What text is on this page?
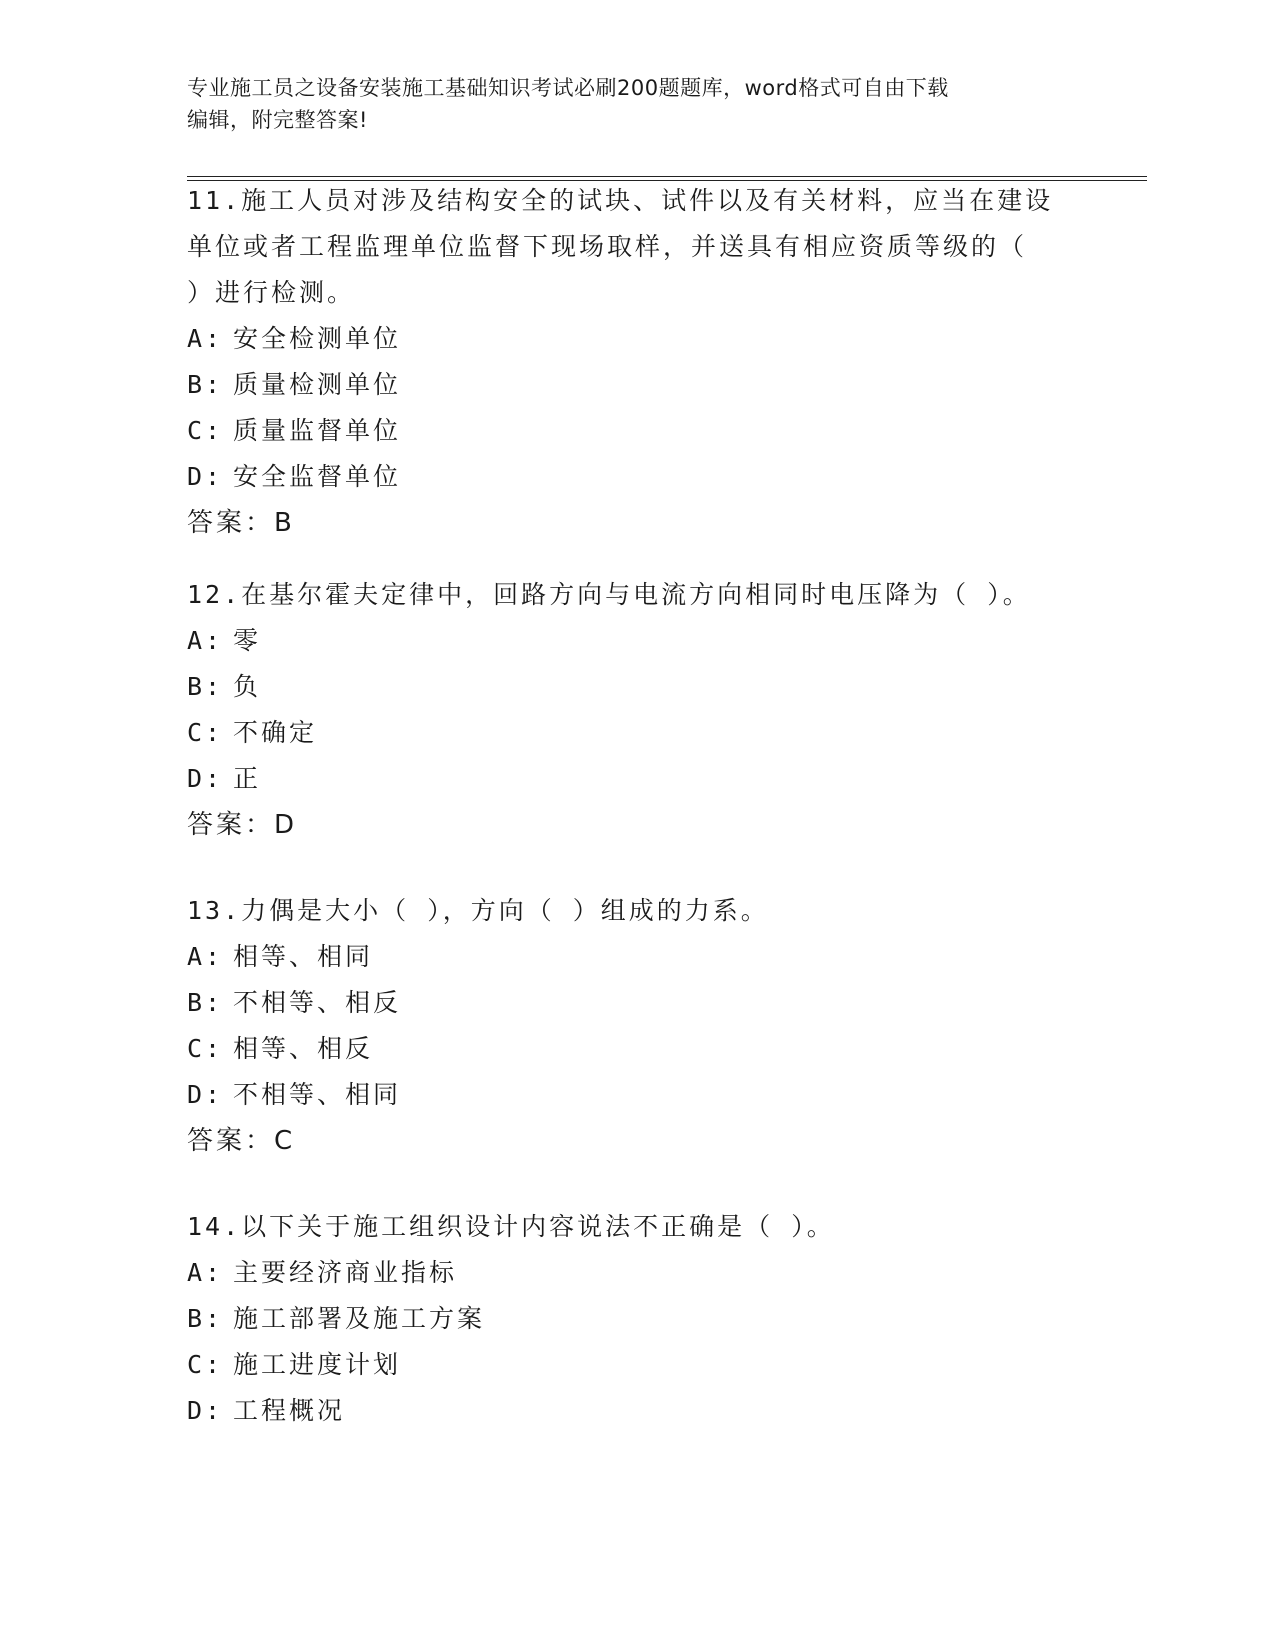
专业施工员之设备安装施工基础知识考试必刷200题题库，word格式可自由下载
编辑，附完整答案!

11.施工人员对涉及结构安全的试块、试件以及有关材料，应当在建设

单位或者工程监理单位监督下现场取样，并送具有相应资质等级的（

）进行检测。

A: 安全检测单位

B: 质量检测单位

C: 质量监督单位

D: 安全监督单位

答案：B

12.在基尔霍夫定律中，回路方向与电流方向相同时电压降为（ ）。

A: 零

B: 负

C: 不确定

D: 正

答案：D

13.力偶是大小（ ），方向（ ）组成的力系。

A: 相等、相同

B: 不相等、相反

C: 相等、相反

D: 不相等、相同

答案：C

14.以下关于施工组织设计内容说法不正确是（ ）。

A: 主要经济商业指标

B: 施工部署及施工方案

C: 施工进度计划

D: 工程概况
